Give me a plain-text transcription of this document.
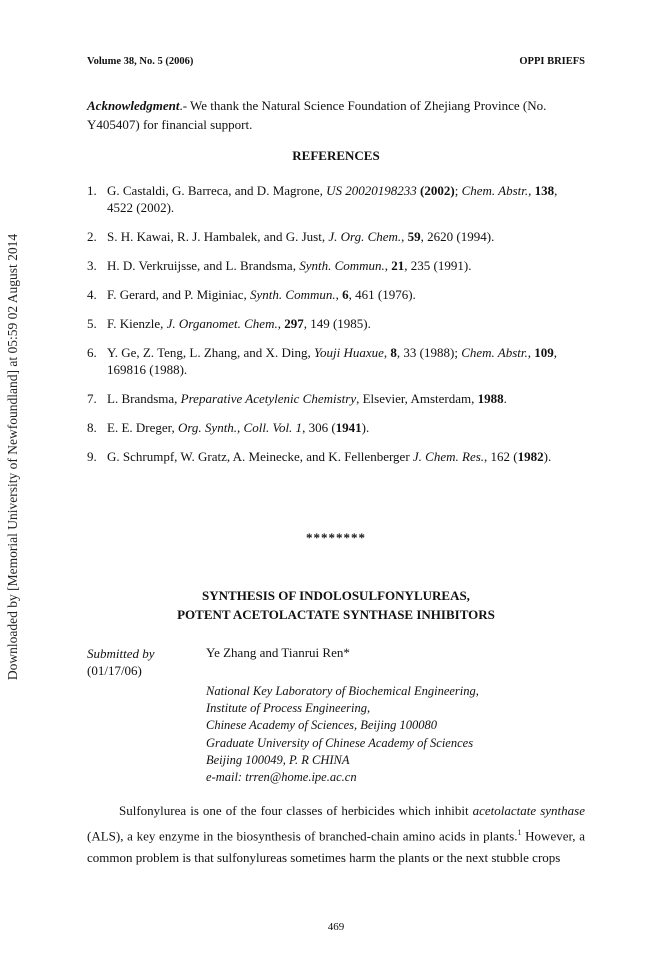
Downloaded by [Memorial University of Newfoundland] at 05:59 02 August 2014
Volume 38, No. 5 (2006)	OPPI BRIEFS
Acknowledgment.- We thank the Natural Science Foundation of Zhejiang Province (No. Y405407) for financial support.
REFERENCES
1. G. Castaldi, G. Barreca, and D. Magrone, US 20020198233 (2002); Chem. Abstr., 138, 4522 (2002).
2. S. H. Kawai, R. J. Hambalek, and G. Just, J. Org. Chem., 59, 2620 (1994).
3. H. D. Verkruijsse, and L. Brandsma, Synth. Commun., 21, 235 (1991).
4. F. Gerard, and P. Miginiac, Synth. Commun., 6, 461 (1976).
5. F. Kienzle, J. Organomet. Chem., 297, 149 (1985).
6. Y. Ge, Z. Teng, L. Zhang, and X. Ding, Youji Huaxue, 8, 33 (1988); Chem. Abstr., 109, 169816 (1988).
7. L. Brandsma, Preparative Acetylenic Chemistry, Elsevier, Amsterdam, 1988.
8. E. E. Dreger, Org. Synth., Coll. Vol. 1, 306 (1941).
9. G. Schrumpf, W. Gratz, A. Meinecke, and K. Fellenberger J. Chem. Res., 162 (1982).
********
SYNTHESIS OF INDOLOSULFONYLUREAS,
POTENT ACETOLACTATE SYNTHASE INHIBITORS
Submitted by
(01/17/06)
Ye Zhang and Tianrui Ren*
National Key Laboratory of Biochemical Engineering,
Institute of Process Engineering,
Chinese Academy of Sciences, Beijing 100080
Graduate University of Chinese Academy of Sciences
Beijing 100049, P. R CHINA
e-mail: trren@home.ipe.ac.cn
Sulfonylurea is one of the four classes of herbicides which inhibit acetolactate synthase (ALS), a key enzyme in the biosynthesis of branched-chain amino acids in plants.$^1$ However, a common problem is that sulfonylureas sometimes harm the plants or the next stubble crops
469
